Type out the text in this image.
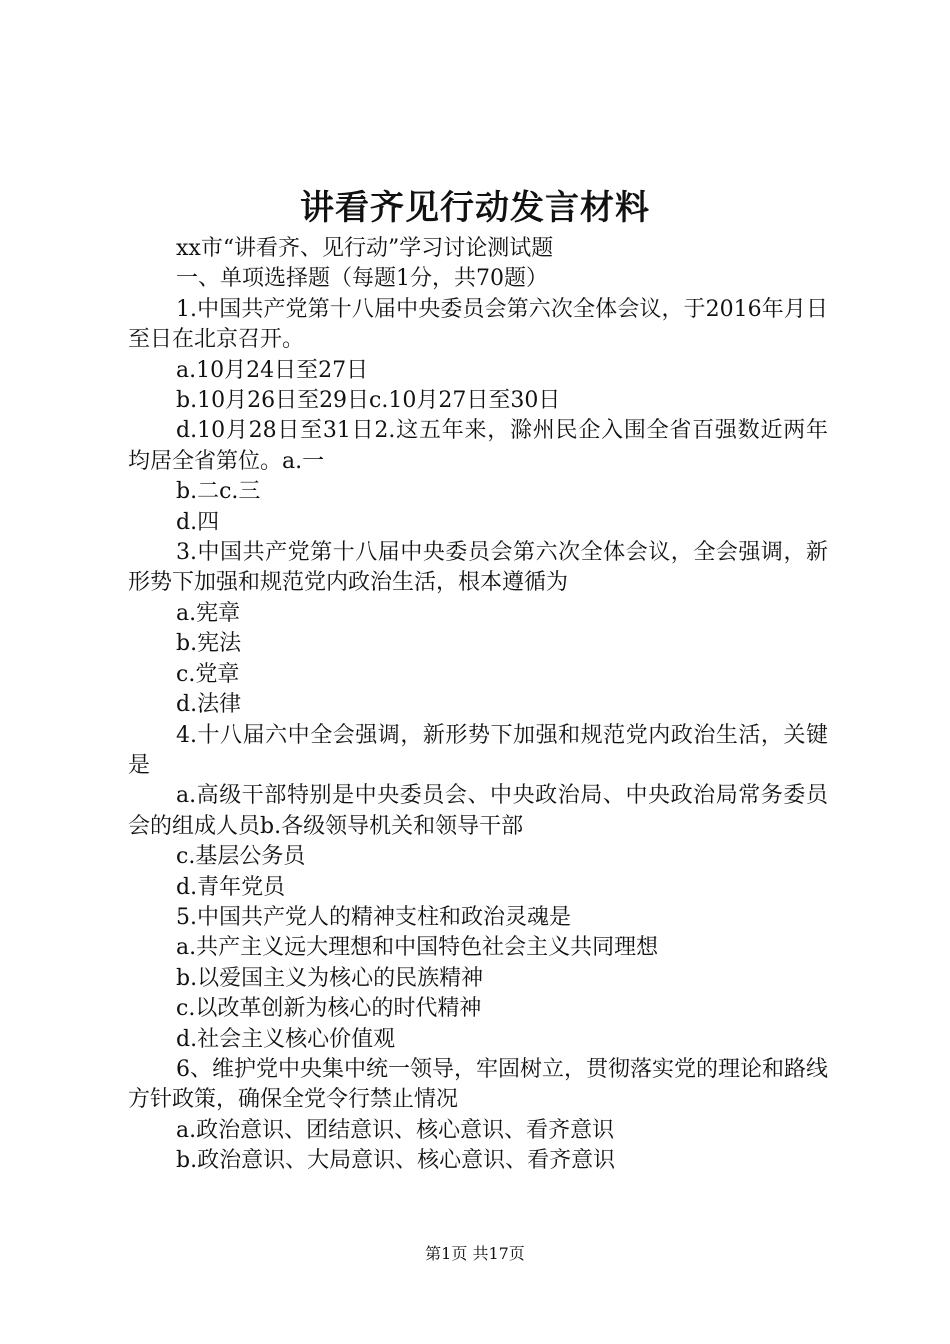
讲看齐见行动发言材料

xx市“讲看齐、见行动”学习讨论测试题

一、单项选择题（每题1分，共70题）

1.中国共产党第十八届中央委员会第六次全体会议，于2016年月日至日在北京召开。

a.10月24日至27日

b.10月26日至29日c.10月27日至30日

d.10月28日至31日2.这五年来，滁州民企入围全省百强数近两年均居全省第位。a.一

b.二c.三

d.四

3.中国共产党第十八届中央委员会第六次全体会议，全会强调，新形势下加强和规范党内政治生活，根本遵循为

a.宪章

b.宪法

c.党章

d.法律

4.十八届六中全会强调，新形势下加强和规范党内政治生活，关键是

a.高级干部特别是中央委员会、中央政治局、中央政治局常务委员会的组成人员b.各级领导机关和领导干部

c.基层公务员

d.青年党员

5.中国共产党人的精神支柱和政治灵魂是

a.共产主义远大理想和中国特色社会主义共同理想

b.以爱国主义为核心的民族精神

c.以改革创新为核心的时代精神

d.社会主义核心价值观

6、维护党中央集中统一领导，牢固树立，贯彻落实党的理论和路线方针政策，确保全党令行禁止情况

a.政治意识、团结意识、核心意识、看齐意识

b.政治意识、大局意识、核心意识、看齐意识

第1页 共17页
